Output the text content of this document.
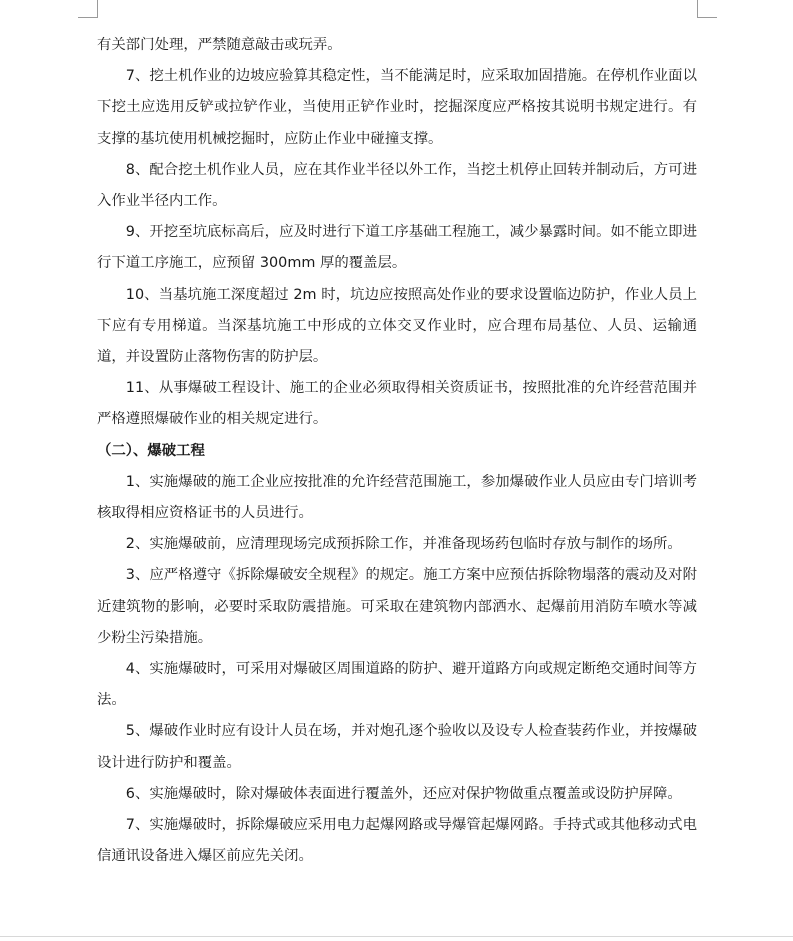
有关部门处理，严禁随意敲击或玩弄。

7、挖土机作业的边坡应验算其稳定性，当不能满足时，应采取加固措施。在停机作业面以下挖土应选用反铲或拉铲作业，当使用正铲作业时，挖掘深度应严格按其说明书规定进行。有支撑的基坑使用机械挖掘时，应防止作业中碰撞支撑。

8、配合挖土机作业人员，应在其作业半径以外工作，当挖土机停止回转并制动后，方可进入作业半径内工作。

9、开挖至坑底标高后，应及时进行下道工序基础工程施工，减少暴露时间。如不能立即进行下道工序施工，应预留 300mm 厚的覆盖层。

10、当基坑施工深度超过 2m 时，坑边应按照高处作业的要求设置临边防护，作业人员上下应有专用梯道。当深基坑施工中形成的立体交叉作业时，应合理布局基位、人员、运输通道，并设置防止落物伤害的防护层。

11、从事爆破工程设计、施工的企业必须取得相关资质证书，按照批准的允许经营范围并严格遵照爆破作业的相关规定进行。

（二）、爆破工程

1、实施爆破的施工企业应按批准的允许经营范围施工，参加爆破作业人员应由专门培训考核取得相应资格证书的人员进行。

2、实施爆破前，应清理现场完成预拆除工作，并准备现场药包临时存放与制作的场所。

3、应严格遵守《拆除爆破安全规程》的规定。施工方案中应预估拆除物塌落的震动及对附近建筑物的影响，必要时采取防震措施。可采取在建筑物内部洒水、起爆前用消防车喷水等减少粉尘污染措施。

4、实施爆破时，可采用对爆破区周围道路的防护、避开道路方向或规定断绝交通时间等方法。

5、爆破作业时应有设计人员在场，并对炮孔逐个验收以及设专人检查装药作业，并按爆破设计进行防护和覆盖。

6、实施爆破时，除对爆破体表面进行覆盖外，还应对保护物做重点覆盖或设防护屏障。

7、实施爆破时，拆除爆破应采用电力起爆网路或导爆管起爆网路。手持式或其他移动式电信通讯设备进入爆区前应先关闭。
